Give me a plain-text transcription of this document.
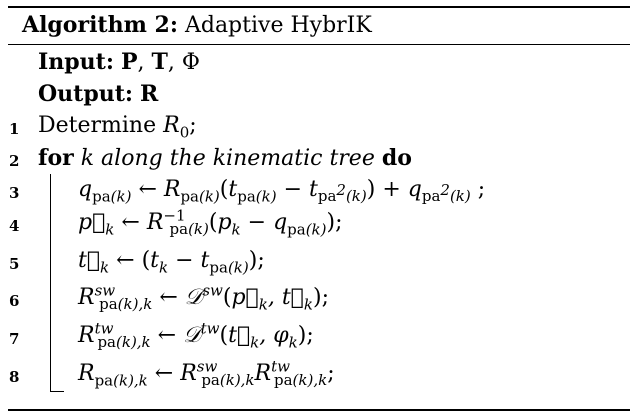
Algorithm 2: Adaptive HybrIK
Input: P, T, Φ
Output: R
1 Determine $R_0$;
2 for k along the kinematic tree do
3	$q_{pa(k)}$ ← $R_{pa(k)}(t_{pa(k)} - t_{pa^2(k)}) + q_{pa^2(k)}$ ;
4	$p⃗_k$ ← $R^{-1}_{pa(k)}(p_k - q_{pa(k)})$;
5	$t⃗_k$ ← $(t_k - t_{pa(k)})$;
6	$R^{sw}_{pa(k),k}$ ← $𝒟^{sw}(p⃗_k$, $t⃗_k$);
7	$R^{tw}_{pa(k),k}$ ← $𝒟^{tw}(t⃗_k$, $\varphi_k$);
8	$R_{pa(k),k}$ ← $R^{sw}_{pa(k),k}R^{tw}_{pa(k),k}$;
